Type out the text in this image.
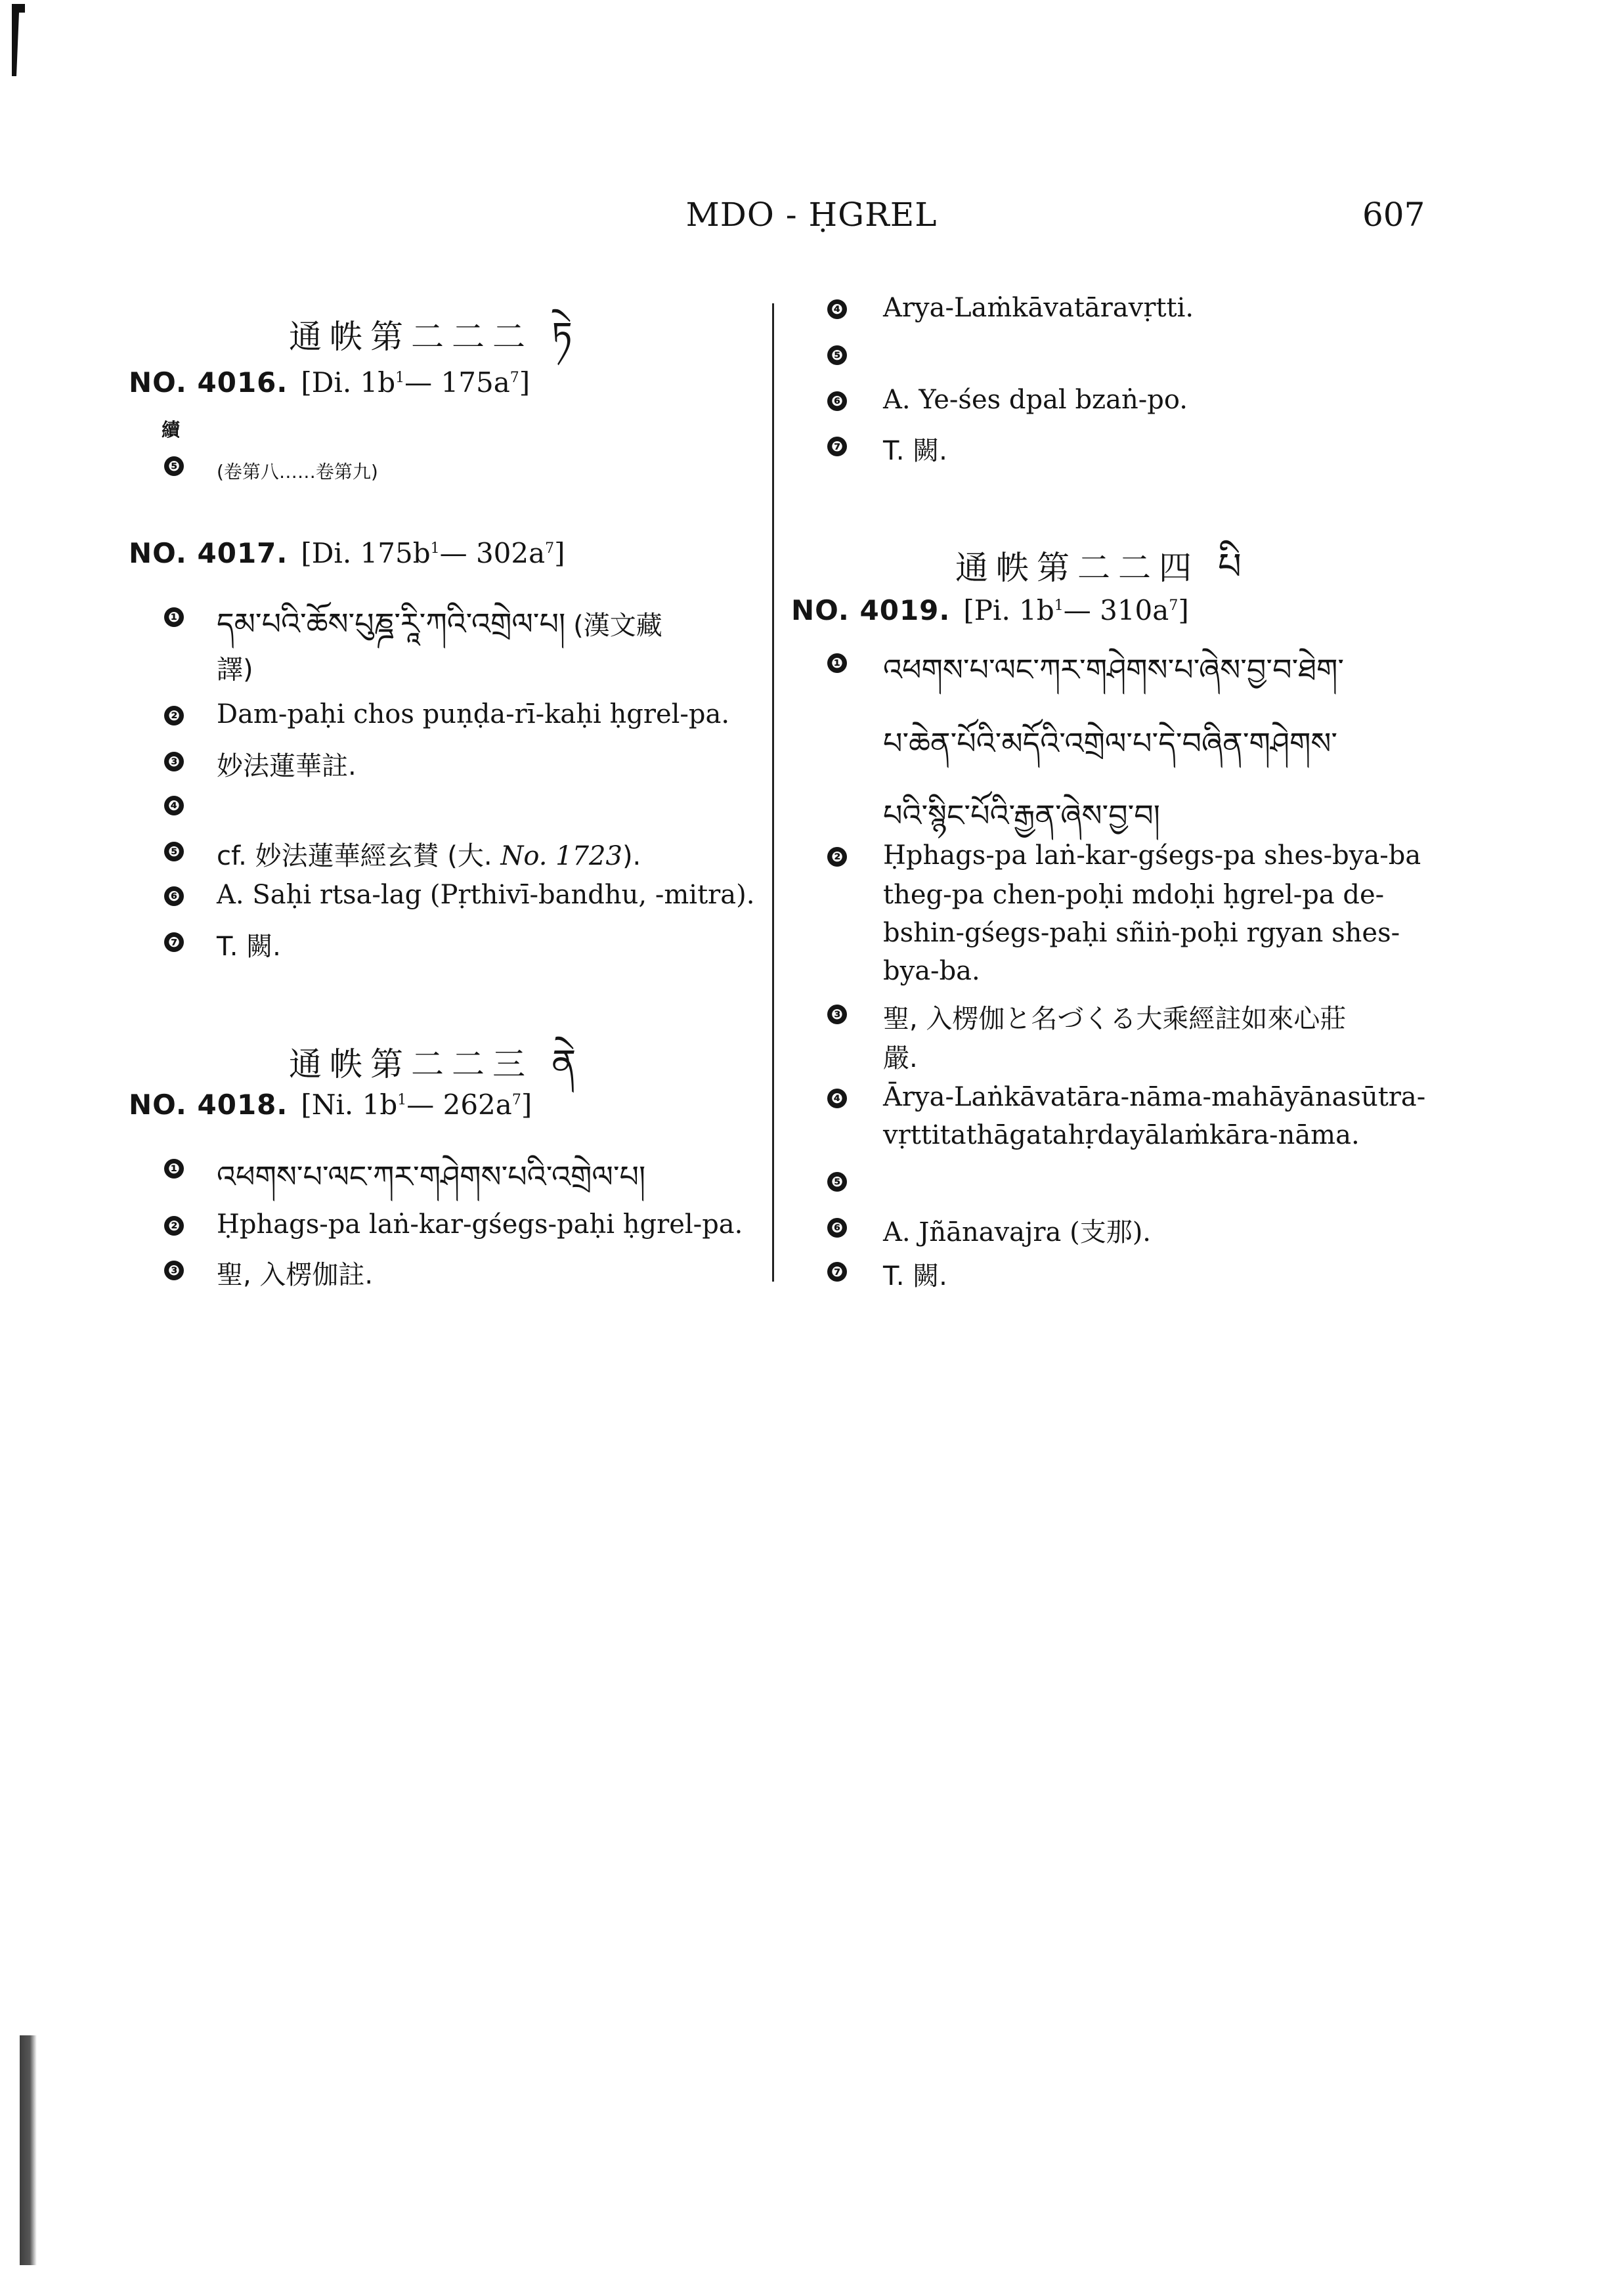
MDO - ḤGREL	607
通帙第二二二 ཏེ
NO. 4016. [Di. $1b^1—$ $175a^7$]
續
❺ (卷第八……卷第九)
NO. 4017. [Di. $175b^1—$ $302a^7$]
❶ དམ་པའི་ཆོས་པུཎྜ་རཱི་ཀའི་འགྲེལ་པ། (漢文藏
譯)
❷ Dam-paḥi chos puṇḍa-rī-kaḥi ḥgrel-pa.
❸ 妙法蓮華註.
❹
❺ cf. 妙法蓮華經玄賛 (大. No. 1723).
❻ A. Saḥi rtsa-lag (Pṛthivī-bandhu, -mitra).
❼ T. 闕.
通帙第二二三 ནེ
NO. 4018. [Ni. $1b^1—$ $262a^7$]
❶ འཕགས་པ་ལང་ཀར་གཤེགས་པའི་འགྲེལ་པ།
❷ Ḥphags-pa laṅ-kar-gśegs-paḥi ḥgrel-pa.
❸ 聖, 入楞伽註.
❹ Arya-Laṁkāvatāravṛtti.
❺
❻ A. Ye-śes dpal bzaṅ-po.
❼ T. 闕.
通帙第二二四 པི
NO. 4019. [Pi. $1b^1—$ $310a^7$]
❶ འཕགས་པ་ལང་ཀར་གཤེགས་པ་ཞེས་བྱ་བ་ཐེག་
པ་ཆེན་པོའི་མདོའི་འགྲེལ་པ་དེ་བཞིན་གཤེགས་
པའི་སྙིང་པོའི་རྒྱན་ཞེས་བྱ་བ།
❷ Ḥphags-pa laṅ-kar-gśegs-pa shes-bya-ba
theg-pa chen-poḥi mdoḥi ḥgrel-pa de-
bshin-gśegs-paḥi sñiṅ-poḥi rgyan shes-
bya-ba.
❸ 聖, 入楞伽と名づくる大乘經註如來心莊
嚴.
❹ Ārya-Laṅkāvatāra-nāma-mahāyānasūtra-
vṛttitathāgatahṛdayālaṁkāra-nāma.
❺
❻ A. Jñānavajra (支那).
❼ T. 闕.
